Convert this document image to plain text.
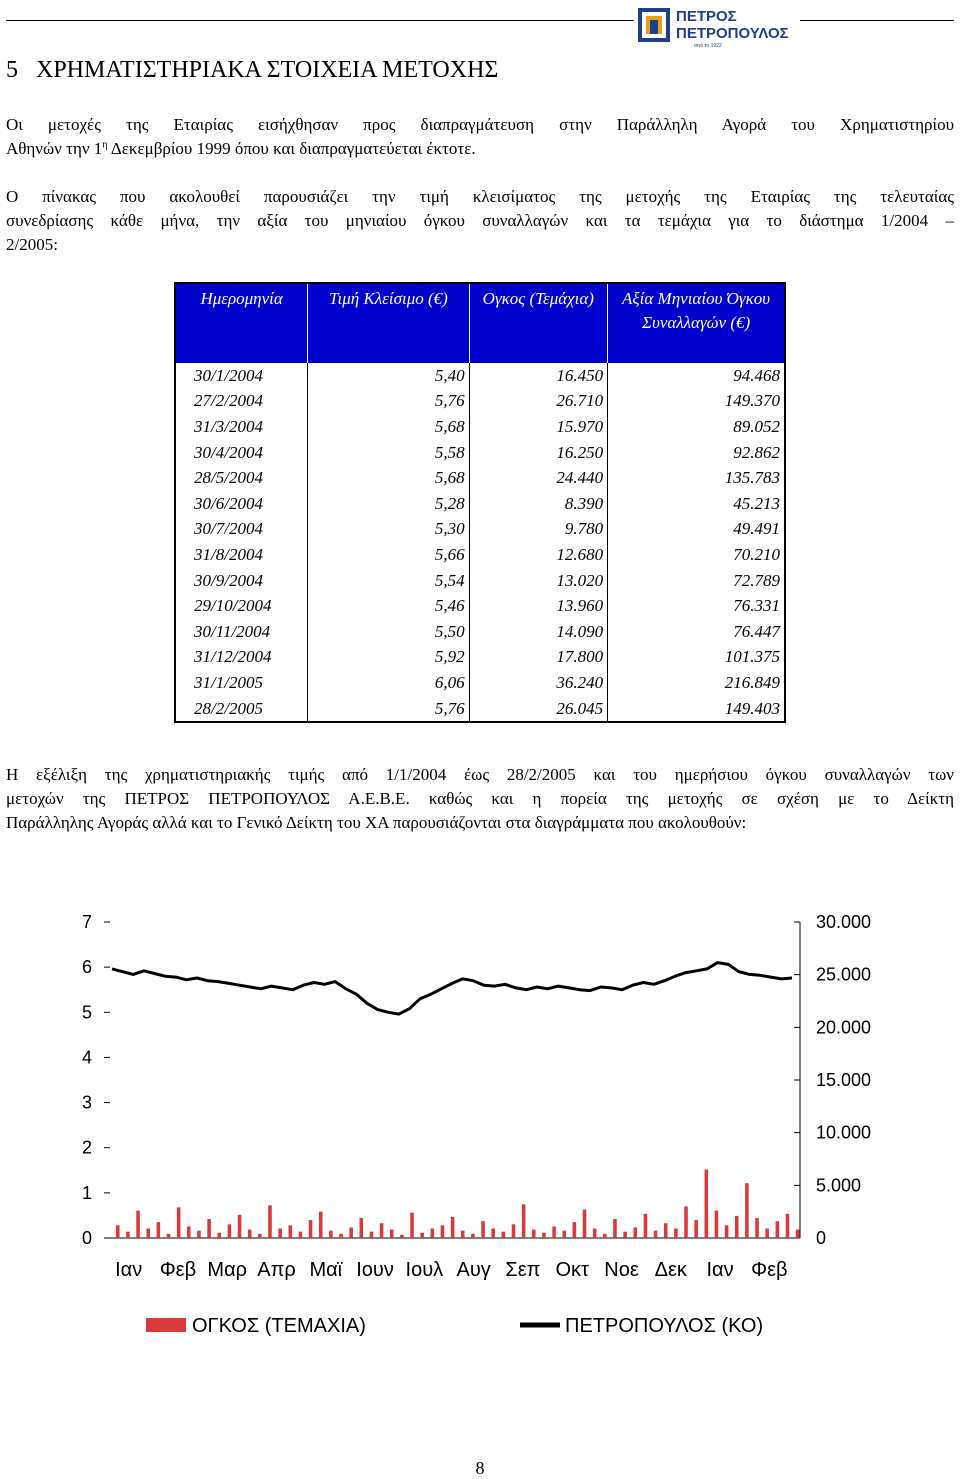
ΠΕΤΡΟΣ
ΠΕΤΡΟΠΟΥΛΟΣ
από το 1922
5 ΧΡΗΜΑΤΙΣΤΗΡΙΑΚΑ ΣΤΟΙΧΕΙΑ ΜΕΤΟΧΗΣ
Οι μετοχές της Εταιρίας εισήχθησαν προς διαπραγμάτευση στην Παράλληλη Αγορά του Χρηματιστηρίου
Αθηνών την $1^\eta$ Δεκεμβρίου 1999 όπου και διαπραγματεύεται έκτοτε.
Ο πίνακας που ακολουθεί παρουσιάζει την τιμή κλεισίματος της μετοχής της Εταιρίας της τελευταίας
συνεδρίασης κάθε μήνα, την αξία του μηνιαίου όγκου συναλλαγών και τα τεμάχια για το διάστημα 1/2004 –
2/2005:
Ημερομηνία	Τιμή Κλείσιμο (€)	Ογκος (Τεμάχια)	Αξία Μηνιαίου Όγκου Συναλλαγών (€)
30/1/2004	5,40	16.450	94.468
27/2/2004	5,76	26.710	149.370
31/3/2004	5,68	15.970	89.052
30/4/2004	5,58	16.250	92.862
28/5/2004	5,68	24.440	135.783
30/6/2004	5,28	8.390	45.213
30/7/2004	5,30	9.780	49.491
31/8/2004	5,66	12.680	70.210
30/9/2004	5,54	13.020	72.789
29/10/2004	5,46	13.960	76.331
30/11/2004	5,50	14.090	76.447
31/12/2004	5,92	17.800	101.375
31/1/2005	6,06	36.240	216.849
28/2/2005	5,76	26.045	149.403
Η εξέλιξη της χρηματιστηριακής τιμής από 1/1/2004 έως 28/2/2005 και του ημερήσιου όγκου συναλλαγών των
μετοχών της ΠΕΤΡΟΣ ΠΕΤΡΟΠΟΥΛΟΣ Α.Ε.Β.Ε. καθώς και η πορεία της μετοχής σε σχέση με το Δείκτη
Παράλληλης Αγοράς αλλά και το Γενικό Δείκτη του ΧΑ παρουσιάζονται στα διαγράμματα που ακολουθούν:
0
1
2
3
4
5
6
7
0
5.000
10.000
15.000
20.000
25.000
30.000
Ιαν Φεβ Μαρ Απρ Μαϊ Ιουν Ιουλ Αυγ Σεπ Οκτ Νοε Δεκ Ιαν Φεβ
ΟΓΚΟΣ (ΤΕΜΑΧΙΑ)	ΠΕΤΡΟΠΟΥΛΟΣ (ΚΟ)
8
